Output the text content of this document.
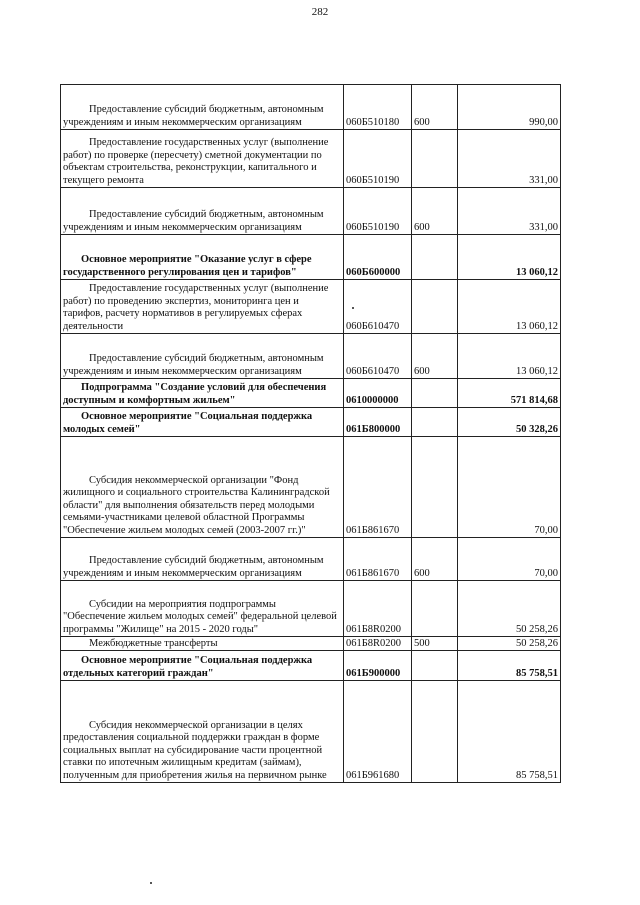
282
Предоставление субсидий бюджетным, автономным учреждениям и иным некоммерческим организациям	060Б510180	600	990,00

Предоставление государственных услуг (выполнение работ) по проверке (пересчету) сметной документации по объектам строительства, реконструкции, капитального и текущего ремонта	060Б510190		331,00

Предоставление субсидий бюджетным, автономным учреждениям и иным некоммерческим организациям	060Б510190	600	331,00

Основное мероприятие "Оказание услуг в сфере государственного регулирования цен и тарифов"	060Б600000		13 060,12

Предоставление государственных услуг (выполнение работ) по проведению экспертиз, мониторинга цен и тарифов, расчету нормативов в регулируемых сферах деятельности	060Б610470		13 060,12

Предоставление субсидий бюджетным, автономным учреждениям и иным некоммерческим организациям	060Б610470	600	13 060,12

Подпрограмма "Создание условий для обеспечения доступным и комфортным жильем"	0610000000		571 814,68

Основное мероприятие "Социальная поддержка молодых семей"	061Б800000		50 328,26

Субсидия некоммерческой организации "Фонд жилищного и социального строительства Калининградской области" для выполнения обязательств перед молодыми семьями-участниками целевой областной Программы "Обеспечение жильем молодых семей (2003-2007 гг.)"	061Б861670		70,00

Предоставление субсидий бюджетным, автономным учреждениям и иным некоммерческим организациям	061Б861670	600	70,00

Субсидии на мероприятия подпрограммы "Обеспечение жильем молодых семей" федеральной целевой программы "Жилище" на 2015 - 2020 годы"	061Б8R0200		50 258,26

Межбюджетные трансферты	061Б8R0200	500	50 258,26

Основное мероприятие "Социальная поддержка отдельных категорий граждан"	061Б900000		85 758,51

Субсидия некоммерческой организации в целях предоставления социальной поддержки граждан в форме социальных выплат на субсидирование части процентной ставки по ипотечным жилищным кредитам (займам), полученным для приобретения жилья на первичном рынке	061Б961680		85 758,51
